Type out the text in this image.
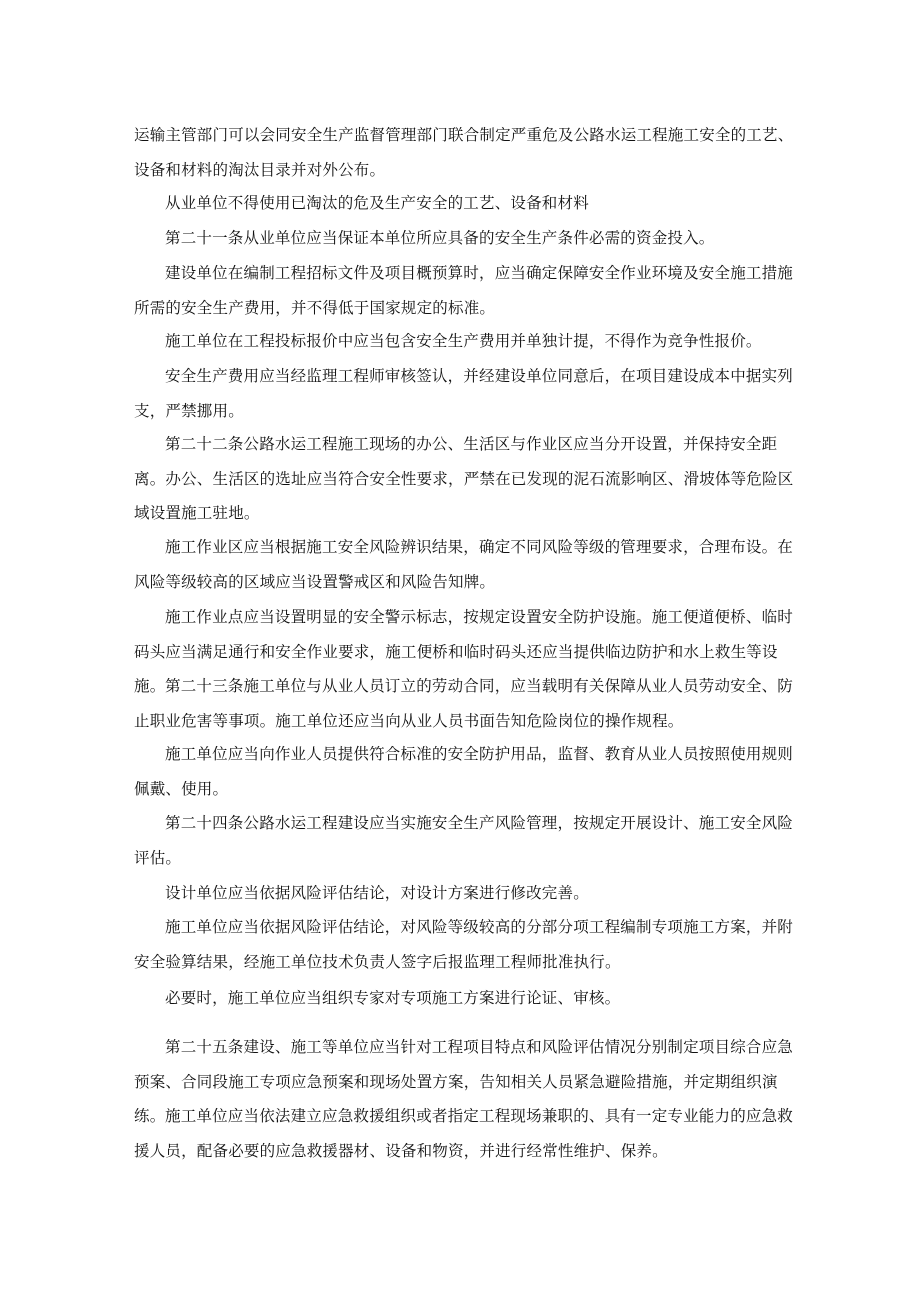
运输主管部门可以会同安全生产监督管理部门联合制定严重危及公路水运工程施工安全的工艺、设备和材料的淘汰目录并对外公布。

从业单位不得使用已淘汰的危及生产安全的工艺、设备和材料

第二十一条从业单位应当保证本单位所应具备的安全生产条件必需的资金投入。

建设单位在编制工程招标文件及项目概预算时，应当确定保障安全作业环境及安全施工措施所需的安全生产费用，并不得低于国家规定的标准。

施工单位在工程投标报价中应当包含安全生产费用并单独计提，不得作为竞争性报价。

安全生产费用应当经监理工程师审核签认，并经建设单位同意后，在项目建设成本中据实列支，严禁挪用。

第二十二条公路水运工程施工现场的办公、生活区与作业区应当分开设置，并保持安全距离。办公、生活区的选址应当符合安全性要求，严禁在已发现的泥石流影响区、滑坡体等危险区域设置施工驻地。

施工作业区应当根据施工安全风险辨识结果，确定不同风险等级的管理要求，合理布设。在风险等级较高的区域应当设置警戒区和风险告知牌。

施工作业点应当设置明显的安全警示标志，按规定设置安全防护设施。施工便道便桥、临时码头应当满足通行和安全作业要求，施工便桥和临时码头还应当提供临边防护和水上救生等设施。 第二十三条施工单位与从业人员订立的劳动合同，应当载明有关保障从业人员劳动安全、防止职业危害等事项。施工单位还应当向从业人员书面告知危险岗位的操作规程。

施工单位应当向作业人员提供符合标准的安全防护用品，监督、教育从业人员按照使用规则佩戴、使用。

第二十四条公路水运工程建设应当实施安全生产风险管理，按规定开展设计、施工安全风险评估。

设计单位应当依据风险评估结论，对设计方案进行修改完善。

施工单位应当依据风险评估结论，对风险等级较高的分部分项工程编制专项施工方案，并附安全验算结果，经施工单位技术负责人签字后报监理工程师批准执行。

必要时，施工单位应当组织专家对专项施工方案进行论证、审核。

第二十五条建设、施工等单位应当针对工程项目特点和风险评估情况分别制定项目综合应急预案、合同段施工专项应急预案和现场处置方案，告知相关人员紧急避险措施，并定期组织演练。 施工单位应当依法建立应急救援组织或者指定工程现场兼职的、具有一定专业能力的应急救援人员，配备必要的应急救援器材、设备和物资，并进行经常性维护、保养。
